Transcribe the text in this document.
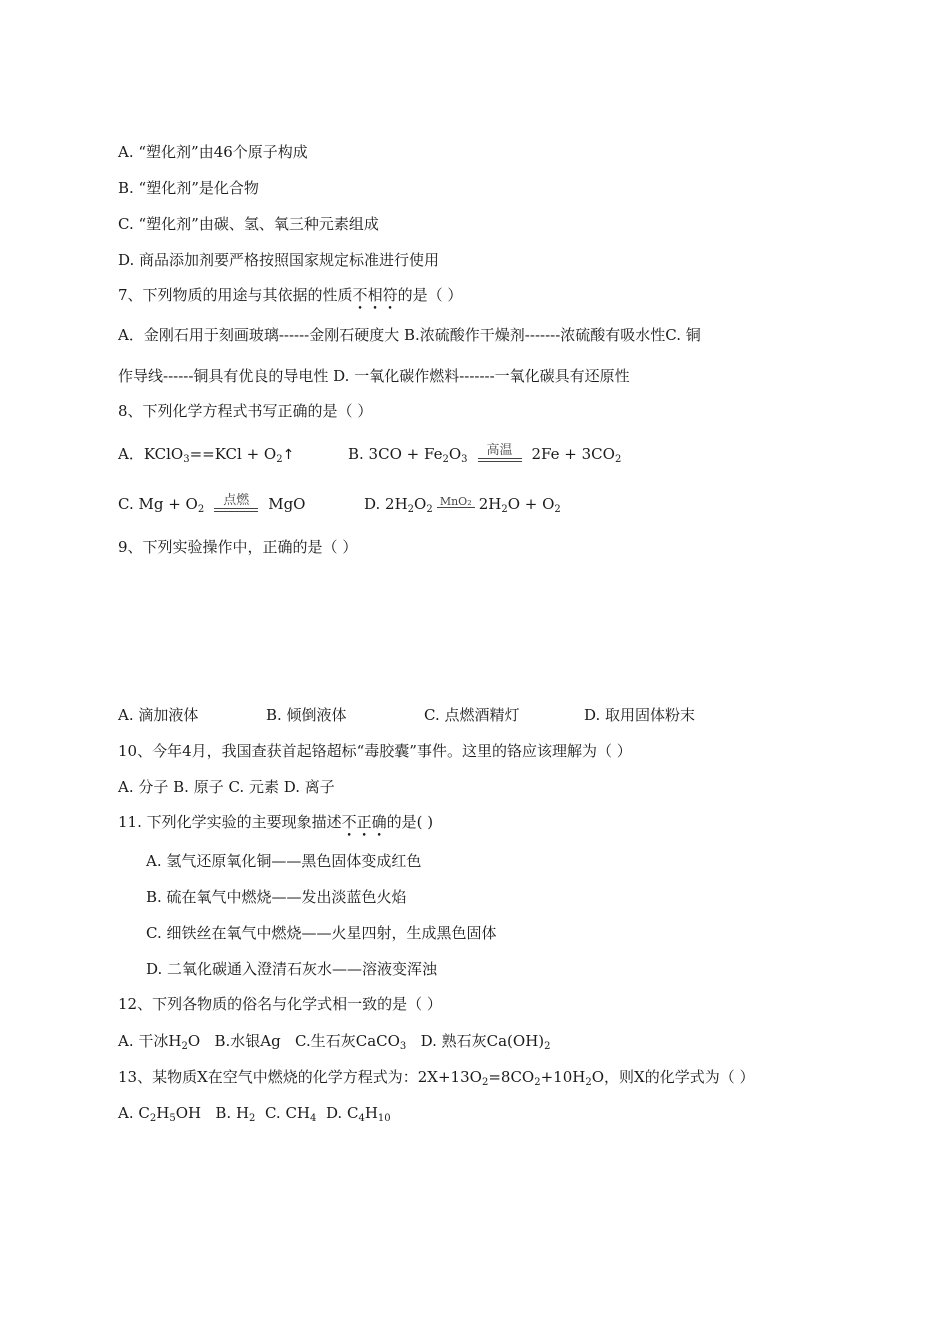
A. “塑化剂”由46个原子构成
B. “塑化剂”是化合物
C. “塑化剂”由碳、氢、氧三种元素组成
D. 商品添加剂要严格按照国家规定标准进行使用
7、下列物质的用途与其依据的性质不相符的是（ ）
A．金刚石用于刻画玻璃------金刚石硬度大 B.浓硫酸作干燥剂-------浓硫酸有吸水性C. 铜
作导线------铜具有优良的导电性 D. 一氧化碳作燃料-------一氧化碳具有还原性
8、下列化学方程式书写正确的是（ ）
A．KClO$_3$==KCl + $O_2↑$	B. $3CO + Fe_2O_3$
高温	$2Fe + 3CO_2$
C. $Mg + O_2$
点燃	MgO	D. $2H_2O_2$
MnO₂ $2H_2O + O_2$
9、下列实验操作中，正确的是（ ）
A. 滴加液体	B. 倾倒液体	C. 点燃酒精灯	D. 取用固体粉末
10、今年4月，我国查获首起铬超标“毒胶囊”事件。这里的铬应该理解为（ ）
A. 分子 B. 原子 C. 元素 D. 离子
11. 下列化学实验的主要现象描述不正确的是( )
A. 氢气还原氧化铜——黑色固体变成红色
B. 硫在氧气中燃烧——发出淡蓝色火焰
C. 细铁丝在氧气中燃烧——火星四射，生成黑色固体
D. 二氧化碳通入澄清石灰水——溶液变浑浊
12、下列各物质的俗名与化学式相一致的是（ ）
A. 干冰$H_2O$ B.水银Ag C.生石灰CaCO$_3$ D. 熟石灰$Ca(OH)_2$
13、某物质X在空气中燃烧的化学方程式为：$2X+13O_2=8CO_2+10H_2O$，则X的化学式为（ ）
A. $C_2H_5OH$ B. $H_2$ C. $CH_4$ D. $C_4H_{10}$
